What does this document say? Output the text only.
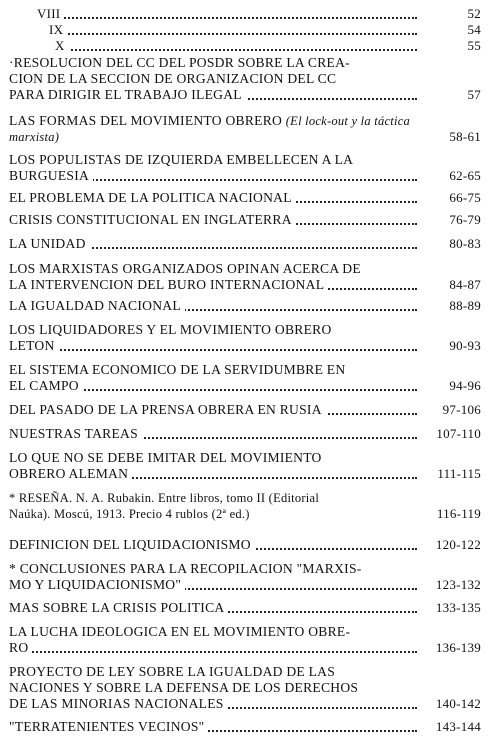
VIII	52
IX	54
X	55
·RESOLUCION DEL CC DEL POSDR SOBRE LA CREA-
CION DE LA SECCION DE ORGANIZACION DEL CC
PARA DIRIGIR EL TRABAJO ILEGAL	57
LAS FORMAS DEL MOVIMIENTO OBRERO (El lock-out y la táctica marxista)	58-61
LOS POPULISTAS DE IZQUIERDA EMBELLECEN A LA
BURGUESIA	62-65
EL PROBLEMA DE LA POLITICA NACIONAL	66-75
CRISIS CONSTITUCIONAL EN INGLATERRA	76-79
LA UNIDAD	80-83
LOS MARXISTAS ORGANIZADOS OPINAN ACERCA DE
LA INTERVENCION DEL BURO INTERNACIONAL	84-87
LA IGUALDAD NACIONAL	88-89
LOS LIQUIDADORES Y EL MOVIMIENTO OBRERO
LETON	90-93
EL SISTEMA ECONOMICO DE LA SERVIDUMBRE EN
EL CAMPO	94-96
DEL PASADO DE LA PRENSA OBRERA EN RUSIA	97-106
NUESTRAS TAREAS	107-110
LO QUE NO SE DEBE IMITAR DEL MOVIMIENTO
OBRERO ALEMAN	111-115
* RESEÑA. N. A. Rubakin. Entre libros, tomo II (Editorial
Naúka). Moscú, 1913. Precio 4 rublos (2ª ed.)	116-119
DEFINICION DEL LIQUIDACIONISMO	120-122
* CONCLUSIONES PARA LA RECOPILACION "MARXIS-
MO Y LIQUIDACIONISMO"	123-132
MAS SOBRE LA CRISIS POLITICA	133-135
LA LUCHA IDEOLOGICA EN EL MOVIMIENTO OBRE-
RO	136-139
PROYECTO DE LEY SOBRE LA IGUALDAD DE LAS
NACIONES Y SOBRE LA DEFENSA DE LOS DERECHOS
DE LAS MINORIAS NACIONALES	140-142
"TERRATENIENTES VECINOS"	143-144
